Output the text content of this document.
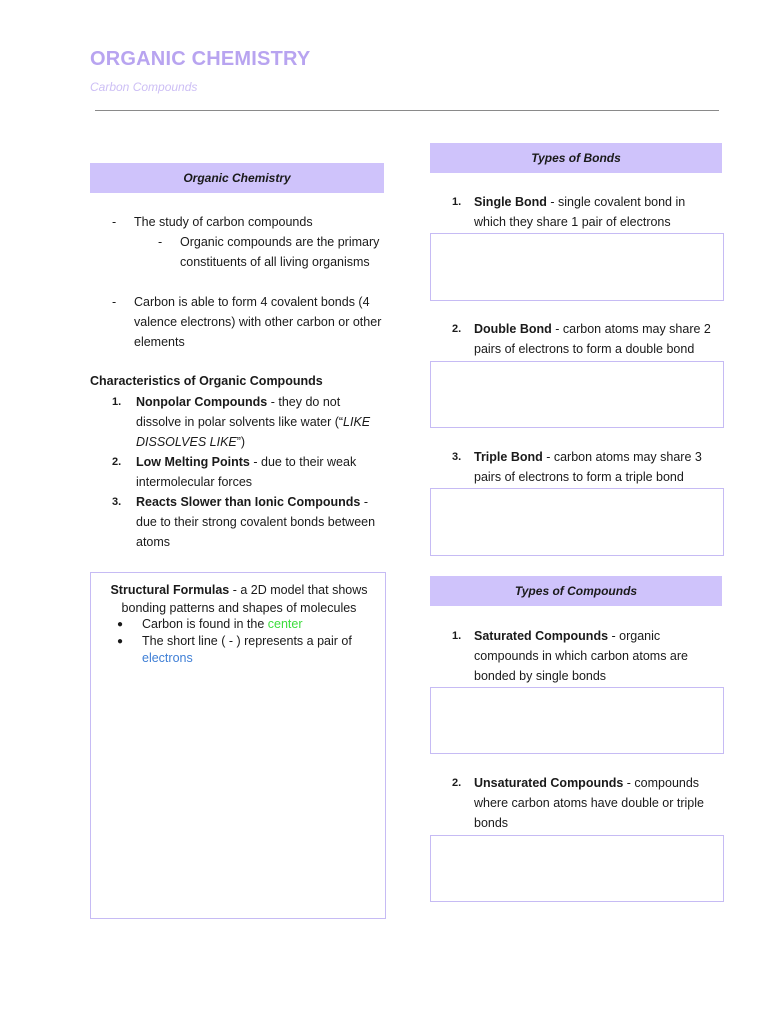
ORGANIC CHEMISTRY
Carbon Compounds
Organic Chemistry
- The study of carbon compounds
- Organic compounds are the primary constituents of all living organisms
- Carbon is able to form 4 covalent bonds (4 valence electrons) with other carbon or other elements
Characteristics of Organic Compounds
1. Nonpolar Compounds - they do not dissolve in polar solvents like water (“LIKE DISSOLVES LIKE”)
2. Low Melting Points - due to their weak intermolecular forces
3. Reacts Slower than Ionic Compounds - due to their strong covalent bonds between atoms
Structural Formulas - a 2D model that shows bonding patterns and shapes of molecules
● Carbon is found in the center
● The short line ( - ) represents a pair of electrons
Types of Bonds
1. Single Bond - single covalent bond in which they share 1 pair of electrons
2. Double Bond - carbon atoms may share 2 pairs of electrons to form a double bond
3. Triple Bond - carbon atoms may share 3 pairs of electrons to form a triple bond
Types of Compounds
1. Saturated Compounds - organic compounds in which carbon atoms are bonded by single bonds
2. Unsaturated Compounds - compounds where carbon atoms have double or triple bonds
